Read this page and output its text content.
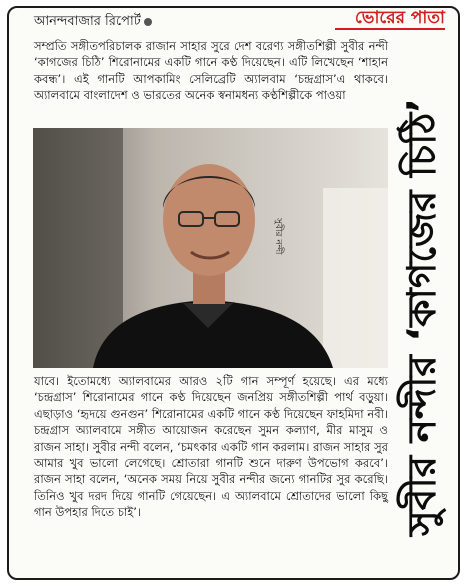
আনন্দবাজার রিপোর্ট	ভোরের পাতা

সম্প্রতি সঙ্গীতপরিচালক রাজান সাহার সুরে দেশ বরেণ্য সঙ্গীতশিল্পী সুবীর নন্দী ‘কাগজের চিঠি’ শিরোনামের একটি গানে কণ্ঠ দিয়েছেন। এটি লিখেছেন ‘শাহান কবন্ধ’। এই গানটি আপকামিং সেলিব্রেটি অ্যালবাম ‘চন্দ্রগ্রাস’এ থাকবে। অ্যালবামে বাংলাদেশ ও ভারতের অনেক স্বনামধন্য কণ্ঠশিল্পীকে পাওয়া

সুবীর নন্দী

যাবে। ইতোমধ্যে অ্যালবামের আরও ২টি গান সম্পূর্ণ হয়েছে। এর মধ্যে ‘চন্দ্রগ্রাস’ শিরোনামের গানে কণ্ঠ দিয়েছেন জনপ্রিয় সঙ্গীতশিল্পী পার্থ বড়ুয়া। এছাড়াও ‘হৃদয়ে গুনগুন’ শিরোনামের একটি গানে কণ্ঠ দিয়েছেন ফাহমিদা নবী। চন্দ্রগ্রাস অ্যালবামে সঙ্গীত আয়োজন করেছেন সুমন কল্যাণ, মীর মাসুম ও রাজন সাহা। সুবীর নন্দী বলেন, ‘চমৎকার একটি গান করলাম। রাজন সাহার সুর আমার খুব ভালো লেগেছে। শ্রোতারা গানটি শুনে দারুণ উপভোগ করবে’। রাজন সাহা বলেন, ‘অনেক সময় নিয়ে সুবীর নন্দীর জন্যে গানটির সুর করেছি। তিনিও খুব দরদ দিয়ে গানটি গেয়েছেন। এ অ্যালবামে শ্রোতাদের ভালো কিছু গান উপহার দিতে চাই’।	সুবীর নন্দীর ‘কাগজের চিঠি’
